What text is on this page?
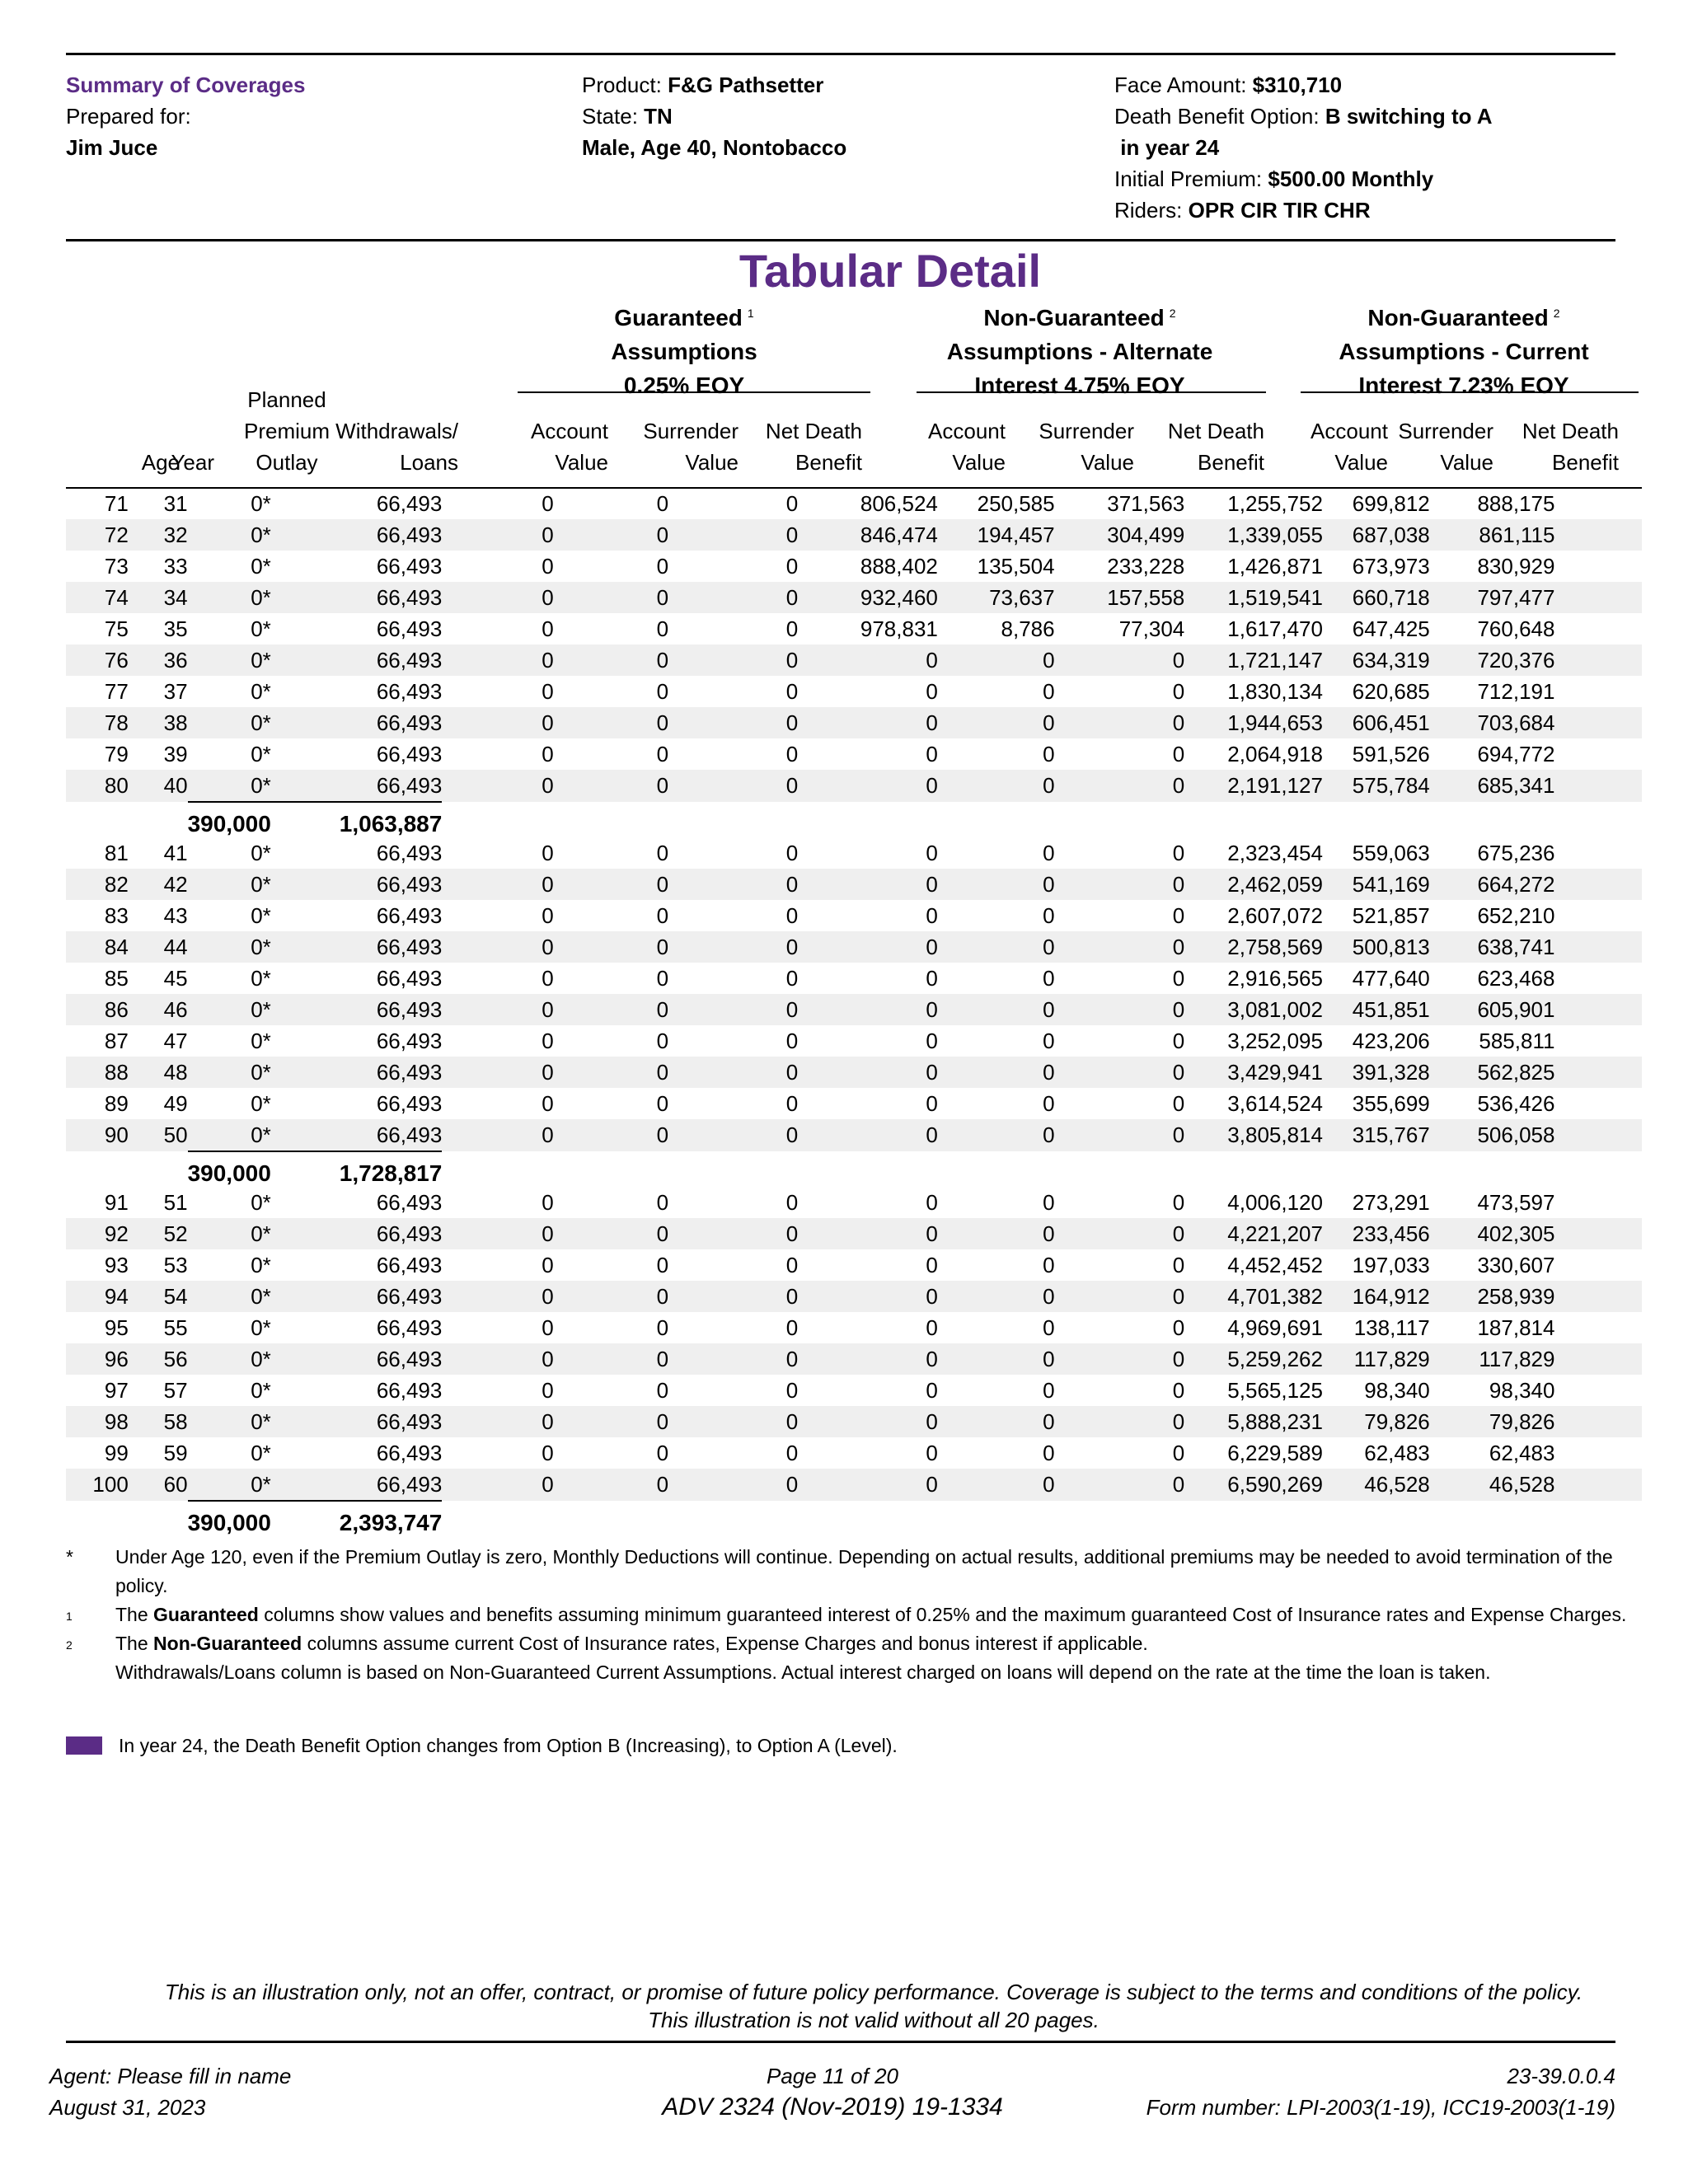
Summary of Coverages
Prepared for:
Jim Juce
Product: F&G Pathsetter
State: TN
Male, Age 40, Nontobacco
Face Amount: $310,710
Death Benefit Option: B switching to A
in year 24
Initial Premium: $500.00 Monthly
Riders: OPR CIR TIR CHR
Tabular Detail
Guaranteed $^1$
Assumptions
0.25% EOY
Non-Guaranteed $^2$
Assumptions - Alternate
Interest 4.75% EOY
Non-Guaranteed $^2$
Assumptions - Current
Interest 7.23% EOY
Age
Year
Planned
Premium
Outlay
Withdrawals/
Loans
Account
Value
Surrender
Value
Net Death
Benefit
Account
Value
Surrender
Value
Net Death
Benefit
Account
Value
Surrender
Value
Net Death
Benefit
71	31	0*	66,493	0	0	0	806,524	250,585	371,563	1,255,752	699,812	888,175	
72	32	0*	66,493	0	0	0	846,474	194,457	304,499	1,339,055	687,038	861,115	
73	33	0*	66,493	0	0	0	888,402	135,504	233,228	1,426,871	673,973	830,929	
74	34	0*	66,493	0	0	0	932,460	73,637	157,558	1,519,541	660,718	797,477	
75	35	0*	66,493	0	0	0	978,831	8,786	77,304	1,617,470	647,425	760,648	
76	36	0*	66,493	0	0	0	0	0	0	1,721,147	634,319	720,376	
77	37	0*	66,493	0	0	0	0	0	0	1,830,134	620,685	712,191	
78	38	0*	66,493	0	0	0	0	0	0	1,944,653	606,451	703,684	
79	39	0*	66,493	0	0	0	0	0	0	2,064,918	591,526	694,772	
80	40	0*	66,493	0	0	0	0	0	0	2,191,127	575,784	685,341	
		390,000	1,063,887										
81	41	0*	66,493	0	0	0	0	0	0	2,323,454	559,063	675,236	
82	42	0*	66,493	0	0	0	0	0	0	2,462,059	541,169	664,272	
83	43	0*	66,493	0	0	0	0	0	0	2,607,072	521,857	652,210	
84	44	0*	66,493	0	0	0	0	0	0	2,758,569	500,813	638,741	
85	45	0*	66,493	0	0	0	0	0	0	2,916,565	477,640	623,468	
86	46	0*	66,493	0	0	0	0	0	0	3,081,002	451,851	605,901	
87	47	0*	66,493	0	0	0	0	0	0	3,252,095	423,206	585,811	
88	48	0*	66,493	0	0	0	0	0	0	3,429,941	391,328	562,825	
89	49	0*	66,493	0	0	0	0	0	0	3,614,524	355,699	536,426	
90	50	0*	66,493	0	0	0	0	0	0	3,805,814	315,767	506,058	
		390,000	1,728,817										
91	51	0*	66,493	0	0	0	0	0	0	4,006,120	273,291	473,597	
92	52	0*	66,493	0	0	0	0	0	0	4,221,207	233,456	402,305	
93	53	0*	66,493	0	0	0	0	0	0	4,452,452	197,033	330,607	
94	54	0*	66,493	0	0	0	0	0	0	4,701,382	164,912	258,939	
95	55	0*	66,493	0	0	0	0	0	0	4,969,691	138,117	187,814	
96	56	0*	66,493	0	0	0	0	0	0	5,259,262	117,829	117,829	
97	57	0*	66,493	0	0	0	0	0	0	5,565,125	98,340	98,340	
98	58	0*	66,493	0	0	0	0	0	0	5,888,231	79,826	79,826	
99	59	0*	66,493	0	0	0	0	0	0	6,229,589	62,483	62,483	
100	60	0*	66,493	0	0	0	0	0	0	6,590,269	46,528	46,528	
		390,000	2,393,747										
* Under Age 120, even if the Premium Outlay is zero, Monthly Deductions will continue. Depending on actual results, additional premiums may be needed to avoid termination of the policy.
1 The Guaranteed columns show values and benefits assuming minimum guaranteed interest of 0.25% and the maximum guaranteed Cost of Insurance rates and Expense Charges.
2 The Non-Guaranteed columns assume current Cost of Insurance rates, Expense Charges and bonus interest if applicable.
Withdrawals/Loans column is based on Non-Guaranteed Current Assumptions. Actual interest charged on loans will depend on the rate at the time the loan is taken.
In year 24, the Death Benefit Option changes from Option B (Increasing), to Option A (Level).
This is an illustration only, not an offer, contract, or promise of future policy performance. Coverage is subject to the terms and conditions of the policy.
This illustration is not valid without all 20 pages.
Agent: Please fill in name
August 31, 2023
Page 11 of 20
ADV 2324 (Nov-2019) 19-1334
23-39.0.0.4
Form number: LPI-2003(1-19), ICC19-2003(1-19)
